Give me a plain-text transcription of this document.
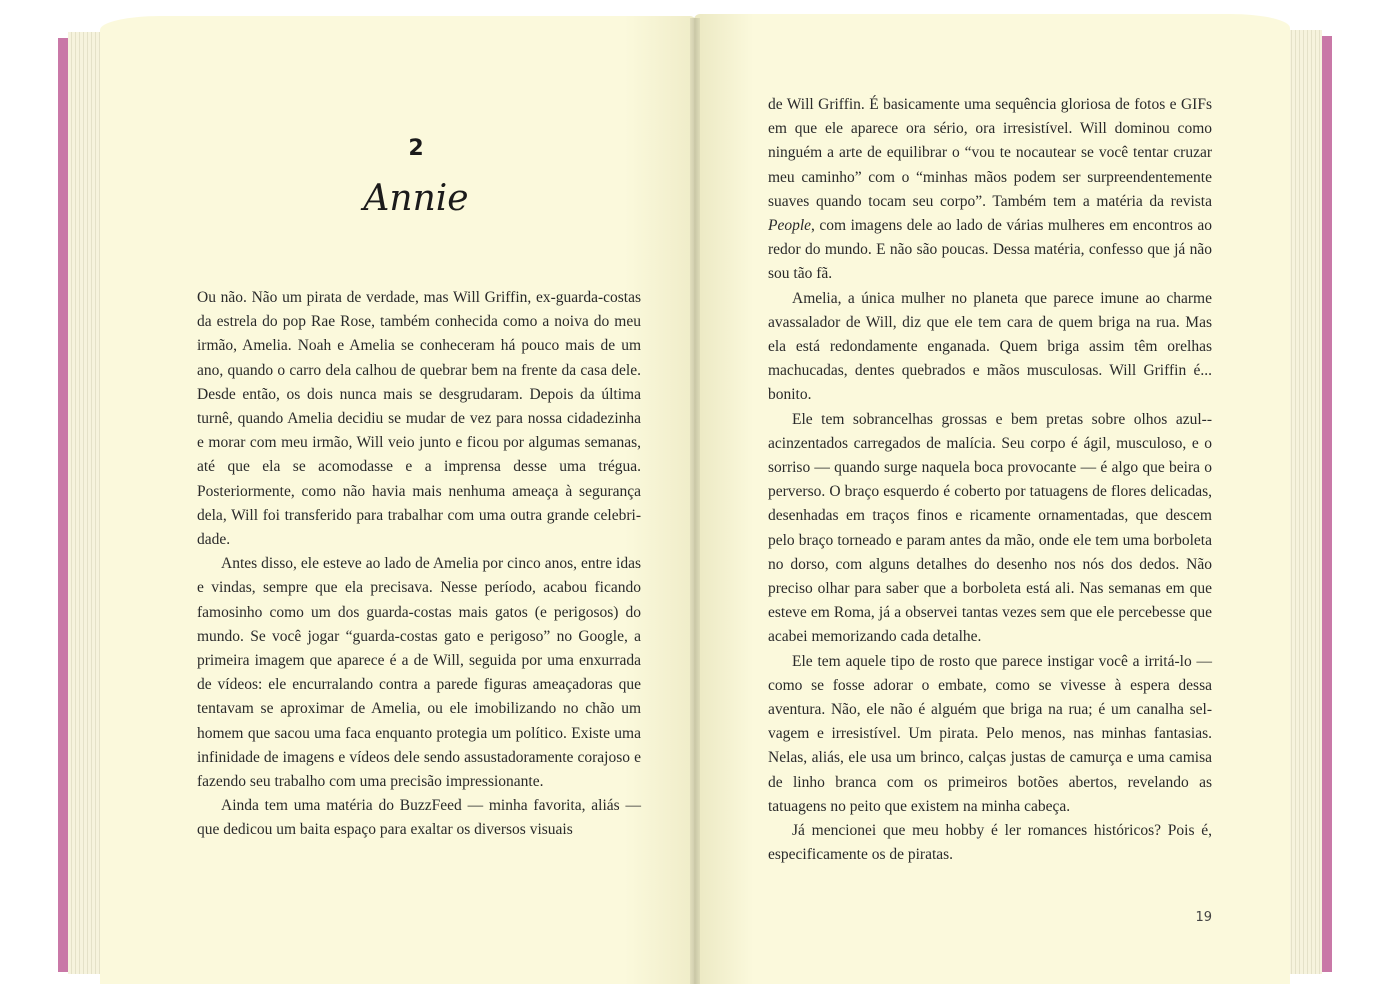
2
Annie

Ou não. Não um pirata de verdade, mas Will Griffin, ex-guarda-costas da estrela do pop Rae Rose, também conhecida como a noiva do meu irmão, Amelia. Noah e Amelia se conheceram há pouco mais de um ano, quando o carro dela calhou de quebrar bem na frente da casa dele. Desde então, os dois nunca mais se desgrudaram. Depois da última turnê, quando Amelia decidiu se mudar de vez para nossa cidadezinha e morar com meu irmão, Will veio junto e ficou por algumas semanas, até que ela se acomodasse e a imprensa desse uma trégua. Posteriormente, como não havia mais nenhuma ameaça à segurança dela, Will foi transferido para trabalhar com uma outra grande celebridade.

Antes disso, ele esteve ao lado de Amelia por cinco anos, entre idas e vindas, sempre que ela precisava. Nesse período, acabou ficando famosinho como um dos guarda-costas mais gatos (e perigosos) do mundo. Se você jogar “guarda-costas gato e perigoso” no Google, a primeira imagem que aparece é a de Will, seguida por uma enxurrada de vídeos: ele encurralando contra a parede figuras ameaçadoras que tentavam se aproximar de Amelia, ou ele imobilizando no chão um homem que sacou uma faca enquanto protegia um político. Existe uma infinidade de imagens e vídeos dele sendo assustadoramente corajoso e fazendo seu trabalho com uma precisão impressionante.

Ainda tem uma matéria do BuzzFeed — minha favorita, aliás — que dedicou um baita espaço para exaltar os diversos visuais

de Will Griffin. É basicamente uma sequência gloriosa de fotos e GIFs em que ele aparece ora sério, ora irresistível. Will dominou como ninguém a arte de equilibrar o “vou te nocautear se você tentar cruzar meu caminho” com o “minhas mãos podem ser surpreendentemente suaves quando tocam seu corpo”. Também tem a matéria da revista People, com imagens dele ao lado de várias mulheres em encontros ao redor do mundo. E não são poucas. Dessa matéria, confesso que já não sou tão fã.

Amelia, a única mulher no planeta que parece imune ao charme avassalador de Will, diz que ele tem cara de quem briga na rua. Mas ela está redondamente enganada. Quem briga assim têm orelhas machucadas, dentes quebrados e mãos musculosas. Will Griffin é... bonito.

Ele tem sobrancelhas grossas e bem pretas sobre olhos azul-acinzentados carregados de malícia. Seu corpo é ágil, musculoso, e o sorriso — quando surge naquela boca provocante — é algo que beira o perverso. O braço esquerdo é coberto por tatuagens de flores delicadas, desenhadas em traços finos e ricamente ornamentadas, que descem pelo braço torneado e param antes da mão, onde ele tem uma borboleta no dorso, com alguns detalhes do desenho nos nós dos dedos. Não preciso olhar para saber que a borboleta está ali. Nas semanas em que esteve em Roma, já a observei tantas vezes sem que ele percebesse que acabei memorizando cada detalhe.

Ele tem aquele tipo de rosto que parece instigar você a irritá-lo — como se fosse adorar o embate, como se vivesse à espera dessa aventura. Não, ele não é alguém que briga na rua; é um canalha selvagem e irresistível. Um pirata. Pelo menos, nas minhas fantasias. Nelas, aliás, ele usa um brinco, calças justas de camurça e uma camisa de linho branca com os primeiros botões abertos, revelando as tatuagens no peito que existem na minha cabeça.

Já mencionei que meu hobby é ler romances históricos? Pois é, especificamente os de piratas.

19
